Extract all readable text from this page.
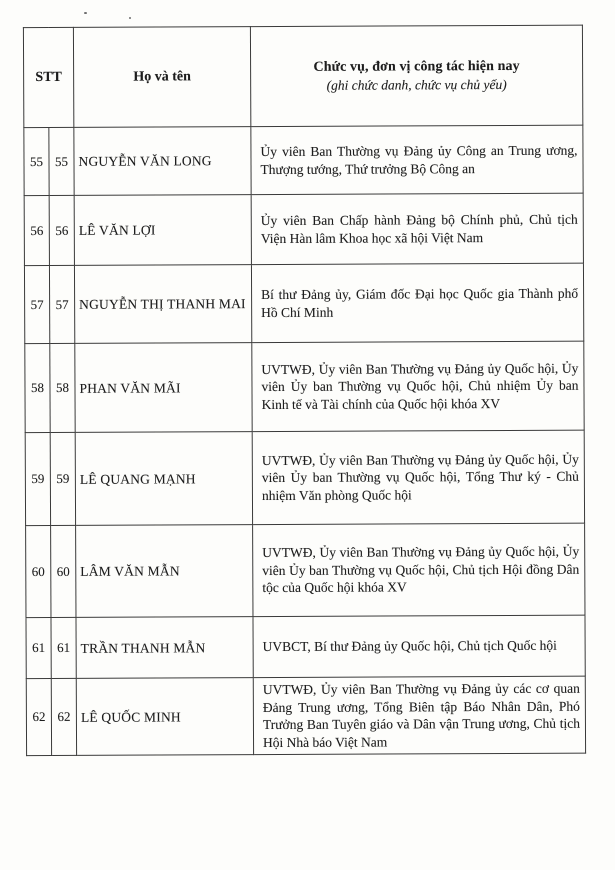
STT		Họ và tên	Chức vụ, đơn vị công tác hiện nay
(ghi chức danh, chức vụ chủ yếu)

55	55	NGUYỄN VĂN LONG	Ủy viên Ban Thường vụ Đảng ủy Công an Trung ương, Thượng tướng, Thứ trưởng Bộ Công an
56	56	LÊ VĂN LỢI	Ủy viên Ban Chấp hành Đảng bộ Chính phủ, Chủ tịch Viện Hàn lâm Khoa học xã hội Việt Nam
57	57	NGUYỄN THỊ THANH MAI	Bí thư Đảng ủy, Giám đốc Đại học Quốc gia Thành phố Hồ Chí Minh
58	58	PHAN VĂN MÃI	UVTWĐ, Ủy viên Ban Thường vụ Đảng ủy Quốc hội, Ủy viên Ủy ban Thường vụ Quốc hội, Chủ nhiệm Ủy ban Kinh tế và Tài chính của Quốc hội khóa XV
59	59	LÊ QUANG MẠNH	UVTWĐ, Ủy viên Ban Thường vụ Đảng ủy Quốc hội, Ủy viên Ủy ban Thường vụ Quốc hội, Tổng Thư ký - Chủ nhiệm Văn phòng Quốc hội
60	60	LÂM VĂN MẪN	UVTWĐ, Ủy viên Ban Thường vụ Đảng ủy Quốc hội, Ủy viên Ủy ban Thường vụ Quốc hội, Chủ tịch Hội đồng Dân tộc của Quốc hội khóa XV
61	61	TRẦN THANH MẪN	UVBCT, Bí thư Đảng ủy Quốc hội, Chủ tịch Quốc hội
62	62	LÊ QUỐC MINH	UVTWĐ, Ủy viên Ban Thường vụ Đảng ủy các cơ quan Đảng Trung ương, Tổng Biên tập Báo Nhân Dân, Phó Trưởng Ban Tuyên giáo và Dân vận Trung ương, Chủ tịch Hội Nhà báo Việt Nam
